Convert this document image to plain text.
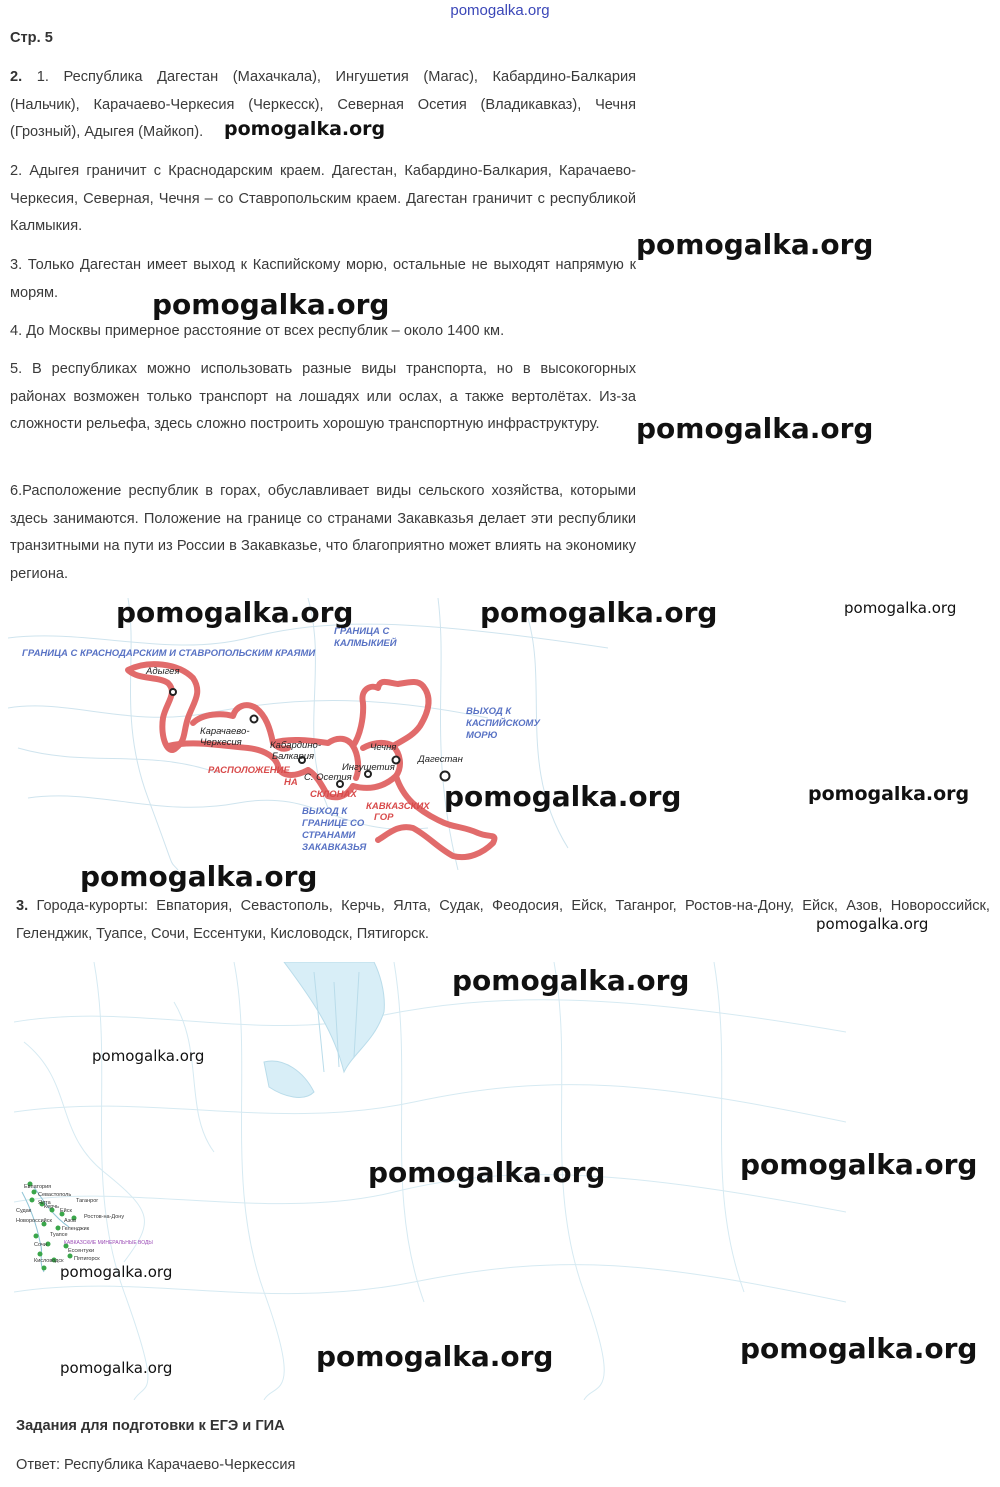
pomogalka.org
Стр. 5
2. 1. Республика Дагестан (Махачкала), Ингушетия (Магас), Кабардино-Балкария (Нальчик), Карачаево-Черкесия (Черкесск), Северная Осетия (Владикавказ), Чечня (Грозный), Адыгея (Майкоп).
2. Адыгея граничит с Краснодарским краем. Дагестан, Кабардино-Балкария, Карачаево-Черкесия, Северная, Чечня – со Ставропольским краем. Дагестан граничит с республикой Калмыкия.
3. Только Дагестан имеет выход к Каспийскому морю, остальные не выходят напрямую к морям.
4. До Москвы примерное расстояние от всех республик – около 1400 км.
5. В республиках можно использовать разные виды транспорта, но в высокогорных районах возможен только транспорт на лошадях или ослах, а также вертолётах. Из-за сложности рельефа, здесь сложно построить хорошую транспортную инфраструктуру.
6.Расположение республик в горах, обуславливает виды сельского хозяйства, которыми здесь занимаются. Положение на границе со странами Закавказья делает эти республики транзитными на пути из России в Закавказье, что благоприятно может влиять на экономику региона.
ГРАНИЦА С КРАСНОДАРСКИМ И СТАВРОПОЛЬСКИМ КРАЯМИ
ВЫХОД К КАСПИЙСКОМУ МОРЮ
ГРАНИЦА С КАЛМЫКИЕЙ
ВЫХОД К ГРАНИЦЕ СО СТРАНАМИ ЗАКАВКАЗЬЯ
РАСПОЛОЖЕНИЕ НА СКЛОНАХ КАВКАЗСКИХ ГОР
Адыгея
Карачаево- Черкесия	Кабардино- Балкария
Чечня
Ингушетия
С. Осетия
Дагестан
3. Города-курорты: Евпатория, Севастополь, Керчь, Ялта, Судак, Феодосия, Ейск, Таганрог, Ростов-на-Дону, Ейск, Азов, Новороссийск, Геленджик, Туапсе, Сочи, Ессентуки, Кисловодск, Пятигорск.
Евпатория
Севастополь
Ялта
Судак
Новороссийск
Сочи
Керчь
Ейск
Азов
Ростов-на-Дону
Геленджик
Туапсе
Кисловодск
Ессентуки
Пятигорск
Таганрог
КАВКАЗСКИЕ МИНЕРАЛЬНЫЕ ВОДЫ
Задания для подготовки к ЕГЭ и ГИА
Ответ: Республика Карачаево-Черкессия
pomogalka.org
pomogalka.org
pomogalka.org
pomogalka.org
pomogalka.org	pomogalka.org	pomogalka.org
pomogalka.org	pomogalka.org
pomogalka.org
pomogalka.org
pomogalka.org
pomogalka.org
pomogalka.org	pomogalka.org
pomogalka.org
pomogalka.org	pomogalka.org	pomogalka.org
